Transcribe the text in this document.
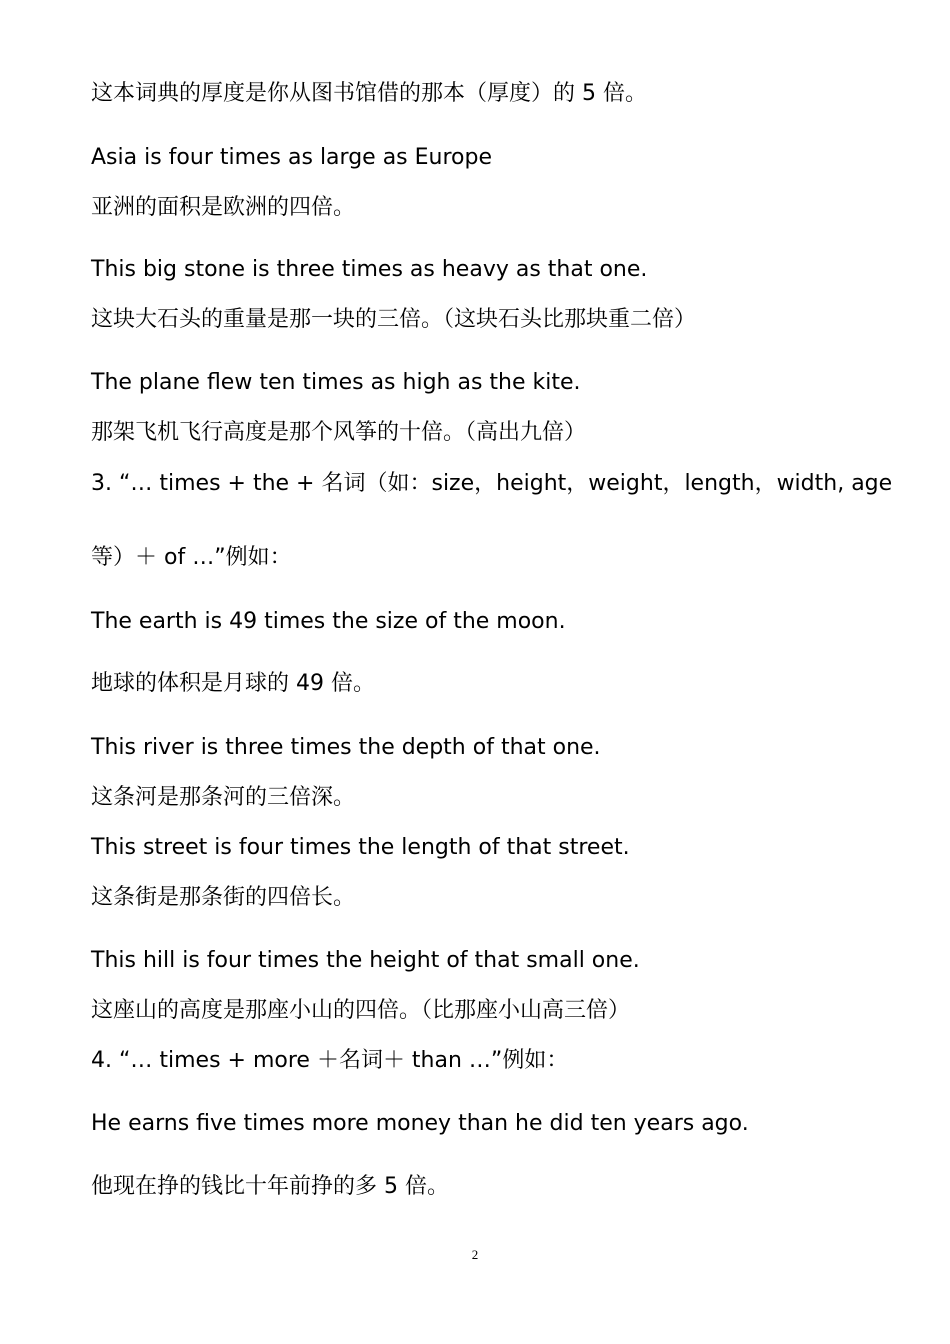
这本词典的厚度是你从图书馆借的那本（厚度）的 5 倍。

Asia is four times as large as Europe

亚洲的面积是欧洲的四倍。

This big stone is three times as heavy as that one.

这块大石头的重量是那一块的三倍。（这块石头比那块重二倍）

The plane flew ten times as high as the kite.

那架飞机飞行高度是那个风筝的十倍。（高出九倍）

3. “… times + the + 名词（如：size，height，weight，length，width, age

等）＋ of …”例如：

The earth is 49 times the size of the moon.

地球的体积是月球的 49 倍。

This river is three times the depth of that one.

这条河是那条河的三倍深。

This street is four times the length of that street.

这条街是那条街的四倍长。

This hill is four times the height of that small one.

这座山的高度是那座小山的四倍。（比那座小山高三倍）

4. “… times + more ＋名词＋ than …”例如：

He earns five times more money than he did ten years ago.

他现在挣的钱比十年前挣的多 5 倍。

2
